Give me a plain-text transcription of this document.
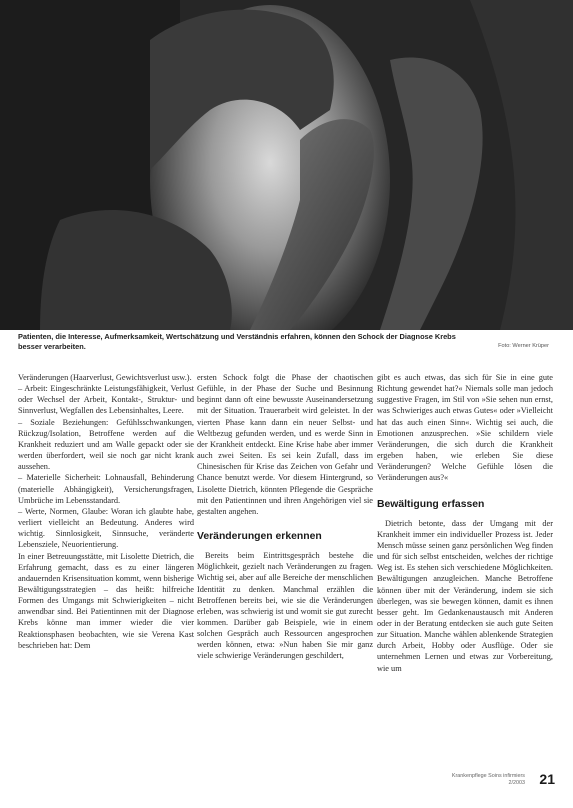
Patienten, die Interesse, Aufmerksamkeit, Wertschätzung und Verständnis erfahren, können den Schock der Diagnose Krebs
besser verarbeiten.	Foto: Werner Krüper

Veränderungen (Haarverlust, Gewichtsverlust usw.).

– Arbeit: Eingeschränkte Leistungsfähigkeit, Verlust oder Wechsel der Arbeit, Kontakt-, Struktur- und Sinnverlust, Wegfallen des Lebensinhaltes, Leere.

– Soziale Beziehungen: Gefühlsschwankungen, Rückzug/Isolation, Betroffene werden auf die Krankheit reduziert und am Walle gepackt oder sie werden überfordert, weil sie noch gar nicht krank aussehen.

– Materielle Sicherheit: Lohnausfall, Behinderung (materielle Abhängigkeit), Versicherungsfragen, Umbrüche im Lebensstandard.

– Werte, Normen, Glaube: Woran ich glaubte habe, verliert vielleicht an Bedeutung. Anderes wird wichtig. Sinnlosigkeit, Sinnsuche, veränderte Lebensziele, Neuorientierung.

In einer Betreuungsstätte, mit Lisolette Dietrich, die Erfahrung gemacht, dass es zu einer längeren andauernden Krisensituation kommt, wenn bisherige Bewältigungsstrategien – das heißt: hilfreiche Formen des Umgangs mit Schwierigkeiten – nicht anwendbar sind. Bei Patientinnen mit der Diagnose Krebs könne man immer wieder die vier Reaktionsphasen beobachten, wie sie Verena Kast beschrieben hat: Dem

ersten Schock folgt die Phase der chaotischen Gefühle, in der Phase der Suche und Besinnung beginnt dann oft eine bewusste Auseinandersetzung mit der Situation. Trauerarbeit wird geleistet. In der vierten Phase kann dann ein neuer Selbst- und Weltbezug gefunden werden, und es werde Sinn in der Krankheit entdeckt. Eine Krise habe aber immer auch zwei Seiten. Es sei kein Zufall, dass im Chinesischen für Krise das Zeichen von Gefahr und Chance benutzt werde. Vor diesem Hintergrund, so Lisolette Dietrich, könnten Pflegende die Gespräche mit den Patientinnen und ihren Angehörigen viel sie gestalten angehen.

Veränderungen erkennen

Bereits beim Eintrittsgespräch bestehe die Möglichkeit, gezielt nach Veränderungen zu fragen. Wichtig sei, aber auf alle Bereiche der menschlichen Identität zu denken. Manchmal erzählen die Betroffenen bereits bei, wie sie die Veränderungen erleben, was schwierig ist und womit sie gut zurecht kommen. Darüber gab Beispiele, wie in einem solchen Gespräch auch Ressourcen angesprochen werden können, etwa: »Nun haben Sie mir ganz viele schwierige Veränderungen geschildert,

gibt es auch etwas, das sich für Sie in eine gute Richtung gewendet hat?« Niemals solle man jedoch suggestive Fragen, im Stil von »Sie sehen nun ernst, was Schwieriges auch etwas Gutes« oder »Vielleicht hat das auch einen Sinn«. Wichtig sei auch, die Emotionen anzusprechen. »Sie schildern viele Veränderungen, die sich durch die Krankheit ergeben haben, wie erleben Sie diese Veränderungen? Welche Gefühle lösen die Veränderungen aus?«

Bewältigung erfassen

Dietrich betonte, dass der Umgang mit der Krankheit immer ein individueller Prozess ist. Jeder Mensch müsse seinen ganz persönlichen Weg finden und für sich selbst entscheiden, welches der richtige Weg ist. Es stehen sich verschiedene Möglichkeiten. Bewältigungen anzugleichen. Manche Betroffene können über mit der Veränderung, indem sie sich überlegen, was sie bewegen können, damit es ihnen besser geht. Im Gedankenaustausch mit Anderen oder in der Beratung entdecken sie auch gute Seiten zur Situation. Manche wählen ablenkende Strategien durch Arbeit, Hobby oder Ausflüge. Oder sie unternehmen Lernen und etwas zur Vorbereitung, wie um

Krankenpflege Soins infirmiers
2/2003 21
